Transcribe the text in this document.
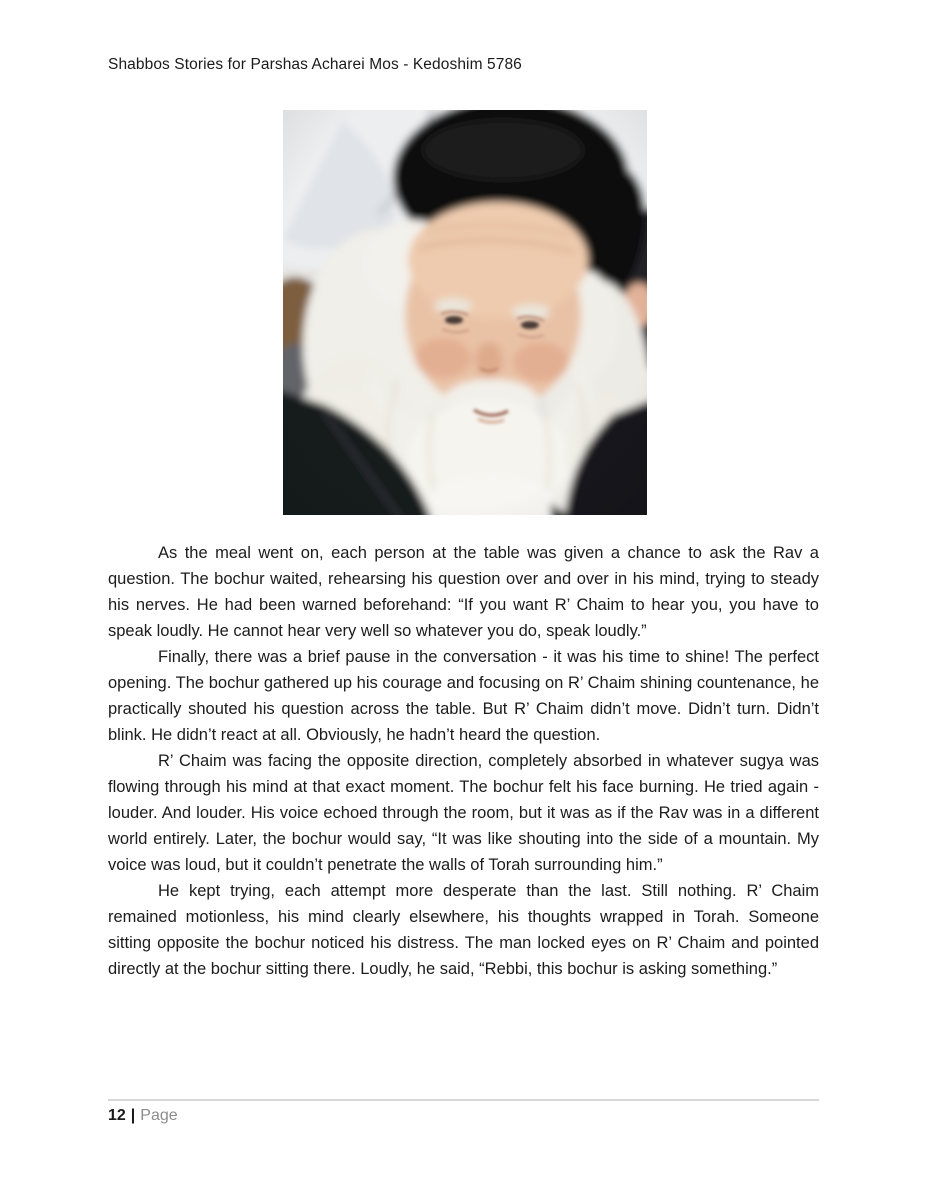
Shabbos Stories for Parshas Acharei Mos - Kedoshim 5786

As the meal went on, each person at the table was given a chance to ask the Rav a question. The bochur waited, rehearsing his question over and over in his mind, trying to steady his nerves. He had been warned beforehand: “If you want R’ Chaim to hear you, you have to speak loudly. He cannot hear very well so whatever you do, speak loudly.”

Finally, there was a brief pause in the conversation - it was his time to shine! The perfect opening. The bochur gathered up his courage and focusing on R’ Chaim shining countenance, he practically shouted his question across the table. But R’ Chaim didn’t move. Didn’t turn. Didn’t blink. He didn’t react at all. Obviously, he hadn’t heard the question.

R’ Chaim was facing the opposite direction, completely absorbed in whatever sugya was flowing through his mind at that exact moment. The bochur felt his face burning. He tried again - louder. And louder. His voice echoed through the room, but it was as if the Rav was in a different world entirely. Later, the bochur would say, “It was like shouting into the side of a mountain. My voice was loud, but it couldn’t penetrate the walls of Torah surrounding him.”

He kept trying, each attempt more desperate than the last. Still nothing. R’ Chaim remained motionless, his mind clearly elsewhere, his thoughts wrapped in Torah. Someone sitting opposite the bochur noticed his distress. The man locked eyes on R’ Chaim and pointed directly at the bochur sitting there. Loudly, he said, “Rebbi, this bochur is asking something.”

12 | Page
